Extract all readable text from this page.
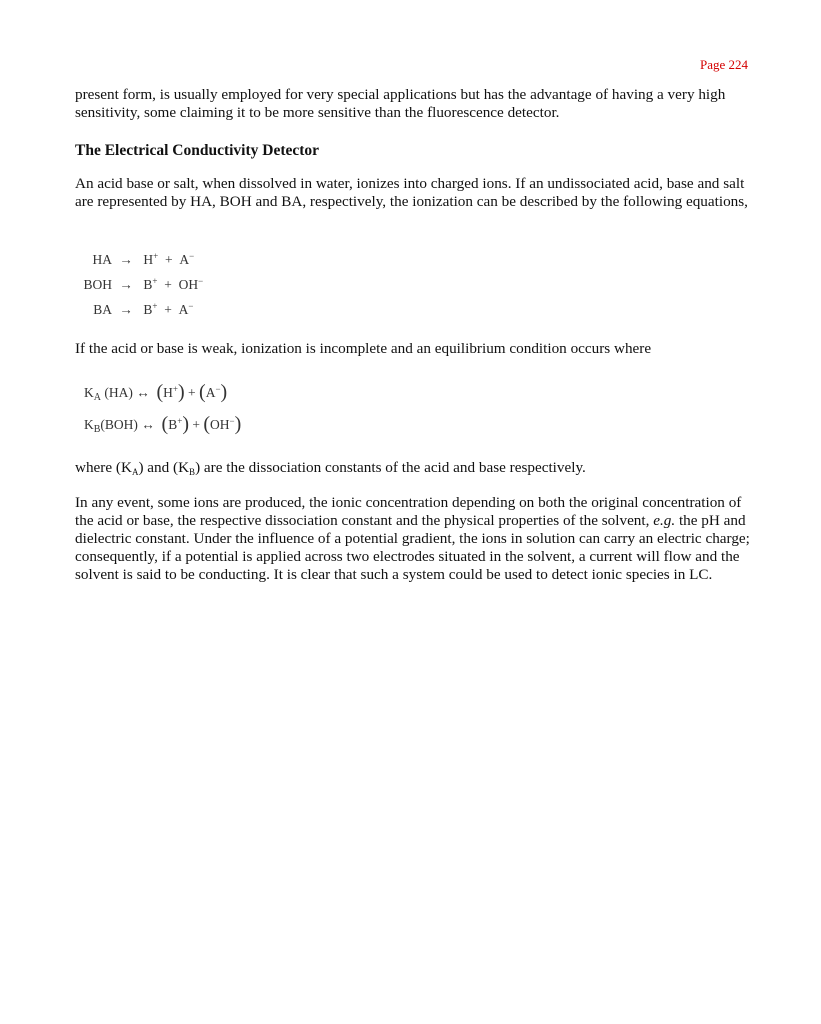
Page 224

present form, is usually employed for very special applications but has the advantage of having a very high sensitivity, some claiming it to be more sensitive than the fluorescence detector.

The Electrical Conductivity Detector

An acid base or salt, when dissolved in water, ionizes into charged ions. If an undissociated acid, base and salt are represented by HA, BOH and BA, respectively, the ionization can be described by the following equations,

HA → H+ + A−
BOH → B+ + OH−
BA → B+ + A−

If the acid or base is weak, ionization is incomplete and an equilibrium condition occurs where

KA (HA) ↔ (H+) + (A−)
KB(BOH) ↔ (B+) + (OH−)

where $(K_A)$ and $(K_B)$ are the dissociation constants of the acid and base respectively.

In any event, some ions are produced, the ionic concentration depending on both the original concentration of the acid or base, the respective dissociation constant and the physical properties of the solvent, e.g. the pH and dielectric constant. Under the influence of a potential gradient, the ions in solution can carry an electric charge; consequently, if a potential is applied across two electrodes situated in the solvent, a current will flow and the solvent is said to be conducting. It is clear that such a system could be used to detect ionic species in LC.
